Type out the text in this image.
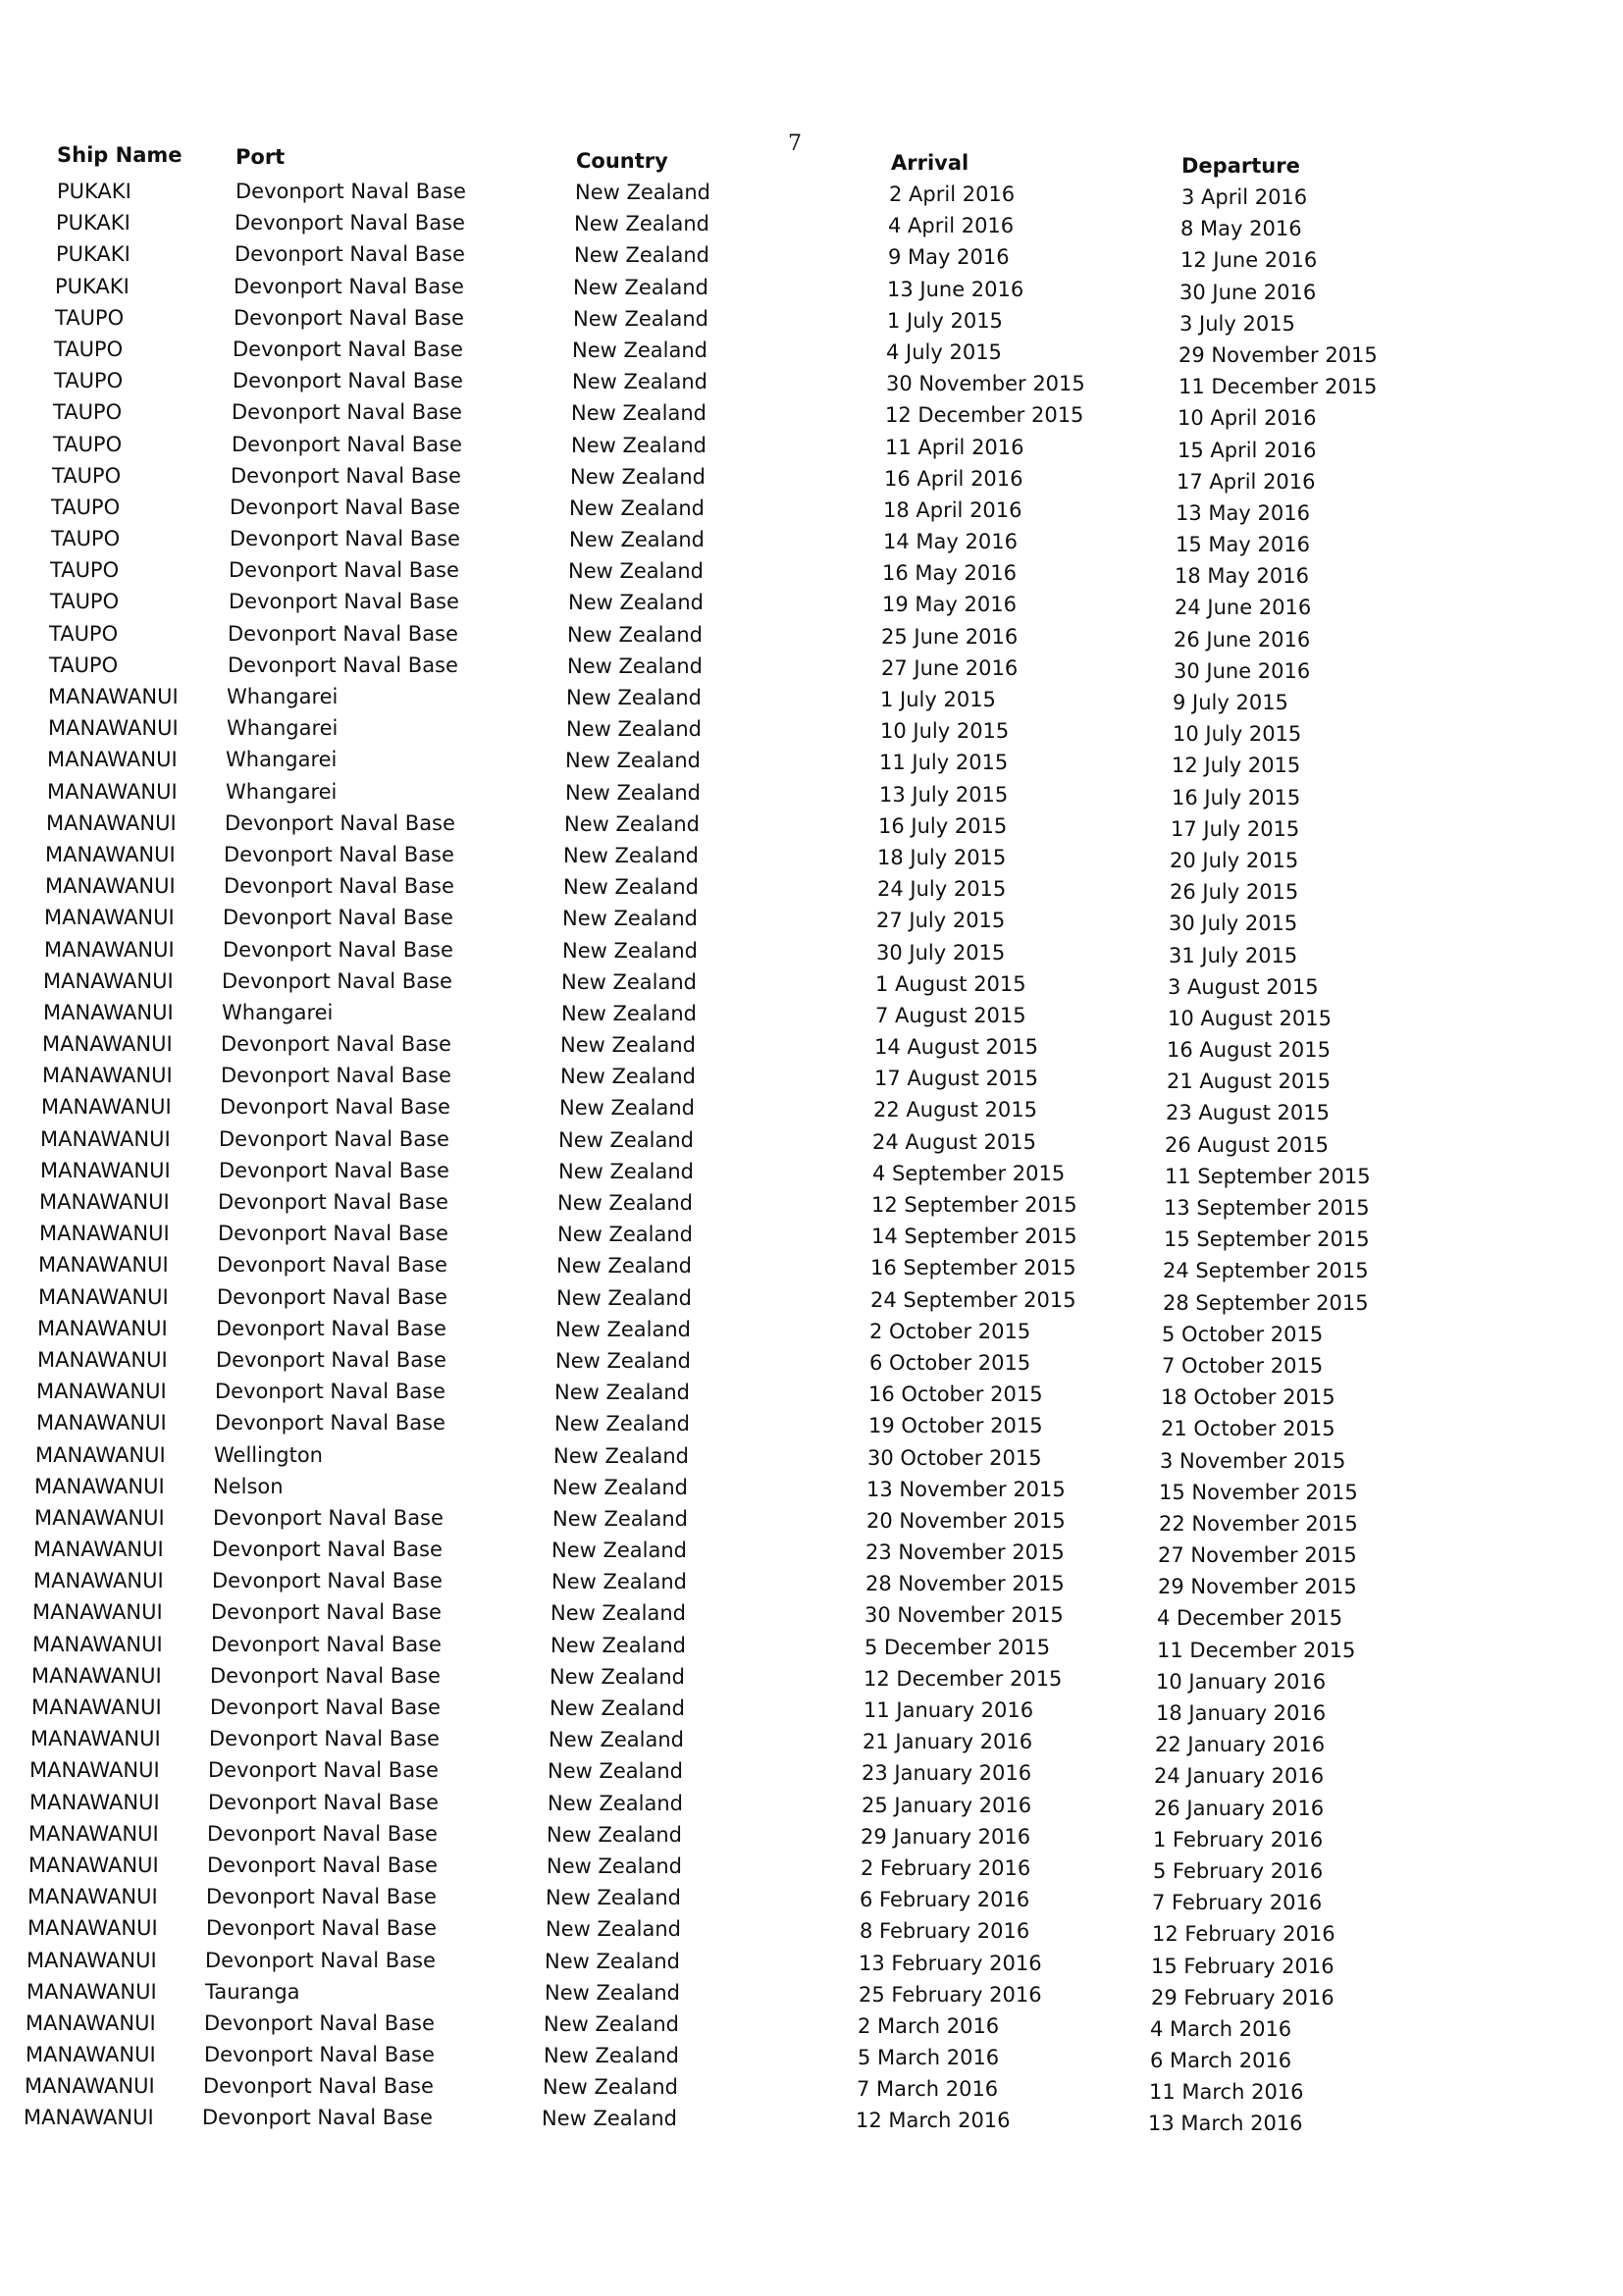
7
Ship Name	Port	Country	Arrival	Departure
PUKAKI	Devonport Naval Base	New Zealand	2 April 2016	3 April 2016
PUKAKI	Devonport Naval Base	New Zealand	4 April 2016	8 May 2016
PUKAKI	Devonport Naval Base	New Zealand	9 May 2016	12 June 2016
PUKAKI	Devonport Naval Base	New Zealand	13 June 2016	30 June 2016
TAUPO	Devonport Naval Base	New Zealand	1 July 2015	3 July 2015
TAUPO	Devonport Naval Base	New Zealand	4 July 2015	29 November 2015
TAUPO	Devonport Naval Base	New Zealand	30 November 2015	11 December 2015
TAUPO	Devonport Naval Base	New Zealand	12 December 2015	10 April 2016
TAUPO	Devonport Naval Base	New Zealand	11 April 2016	15 April 2016
TAUPO	Devonport Naval Base	New Zealand	16 April 2016	17 April 2016
TAUPO	Devonport Naval Base	New Zealand	18 April 2016	13 May 2016
TAUPO	Devonport Naval Base	New Zealand	14 May 2016	15 May 2016
TAUPO	Devonport Naval Base	New Zealand	16 May 2016	18 May 2016
TAUPO	Devonport Naval Base	New Zealand	19 May 2016	24 June 2016
TAUPO	Devonport Naval Base	New Zealand	25 June 2016	26 June 2016
TAUPO	Devonport Naval Base	New Zealand	27 June 2016	30 June 2016
MANAWANUI Whangarei	New Zealand	1 July 2015	9 July 2015
MANAWANUI Whangarei	New Zealand	10 July 2015	10 July 2015
MANAWANUI Whangarei	New Zealand	11 July 2015	12 July 2015
MANAWANUI Whangarei	New Zealand	13 July 2015	16 July 2015
MANAWANUI Devonport Naval Base	New Zealand	16 July 2015	17 July 2015
MANAWANUI Devonport Naval Base	New Zealand	18 July 2015	20 July 2015
MANAWANUI Devonport Naval Base	New Zealand	24 July 2015	26 July 2015
MANAWANUI Devonport Naval Base	New Zealand	27 July 2015	30 July 2015
MANAWANUI Devonport Naval Base	New Zealand	30 July 2015	31 July 2015
MANAWANUI Devonport Naval Base	New Zealand	1 August 2015	3 August 2015
MANAWANUI Whangarei	New Zealand	7 August 2015	10 August 2015
MANAWANUI Devonport Naval Base	New Zealand	14 August 2015	16 August 2015
MANAWANUI Devonport Naval Base	New Zealand	17 August 2015	21 August 2015
MANAWANUI Devonport Naval Base	New Zealand	22 August 2015	23 August 2015
MANAWANUI Devonport Naval Base	New Zealand	24 August 2015	26 August 2015
MANAWANUI Devonport Naval Base	New Zealand	4 September 2015	11 September 2015
MANAWANUI Devonport Naval Base	New Zealand	12 September 2015	13 September 2015
MANAWANUI Devonport Naval Base	New Zealand	14 September 2015	15 September 2015
MANAWANUI Devonport Naval Base	New Zealand	16 September 2015	24 September 2015
MANAWANUI Devonport Naval Base	New Zealand	24 September 2015	28 September 2015
MANAWANUI Devonport Naval Base	New Zealand	2 October 2015	5 October 2015
MANAWANUI Devonport Naval Base	New Zealand	6 October 2015	7 October 2015
MANAWANUI Devonport Naval Base	New Zealand	16 October 2015	18 October 2015
MANAWANUI Devonport Naval Base	New Zealand	19 October 2015	21 October 2015
MANAWANUI Wellington	New Zealand	30 October 2015	3 November 2015
MANAWANUI Nelson	New Zealand	13 November 2015	15 November 2015
MANAWANUI Devonport Naval Base	New Zealand	20 November 2015	22 November 2015
MANAWANUI Devonport Naval Base	New Zealand	23 November 2015	27 November 2015
MANAWANUI Devonport Naval Base	New Zealand	28 November 2015	29 November 2015
MANAWANUI Devonport Naval Base	New Zealand	30 November 2015	4 December 2015
MANAWANUI Devonport Naval Base	New Zealand	5 December 2015	11 December 2015
MANAWANUI Devonport Naval Base	New Zealand	12 December 2015	10 January 2016
MANAWANUI Devonport Naval Base	New Zealand	11 January 2016	18 January 2016
MANAWANUI Devonport Naval Base	New Zealand	21 January 2016	22 January 2016
MANAWANUI Devonport Naval Base	New Zealand	23 January 2016	24 January 2016
MANAWANUI Devonport Naval Base	New Zealand	25 January 2016	26 January 2016
MANAWANUI Devonport Naval Base	New Zealand	29 January 2016	1 February 2016
MANAWANUI Devonport Naval Base	New Zealand	2 February 2016	5 February 2016
MANAWANUI Devonport Naval Base	New Zealand	6 February 2016	7 February 2016
MANAWANUI Devonport Naval Base	New Zealand	8 February 2016	12 February 2016
MANAWANUI Devonport Naval Base	New Zealand	13 February 2016	15 February 2016
MANAWANUI Tauranga	New Zealand	25 February 2016	29 February 2016
MANAWANUI Devonport Naval Base	New Zealand	2 March 2016	4 March 2016
MANAWANUI Devonport Naval Base	New Zealand	5 March 2016	6 March 2016
MANAWANUI Devonport Naval Base	New Zealand	7 March 2016	11 March 2016
MANAWANUI Devonport Naval Base	New Zealand	12 March 2016	13 March 2016
